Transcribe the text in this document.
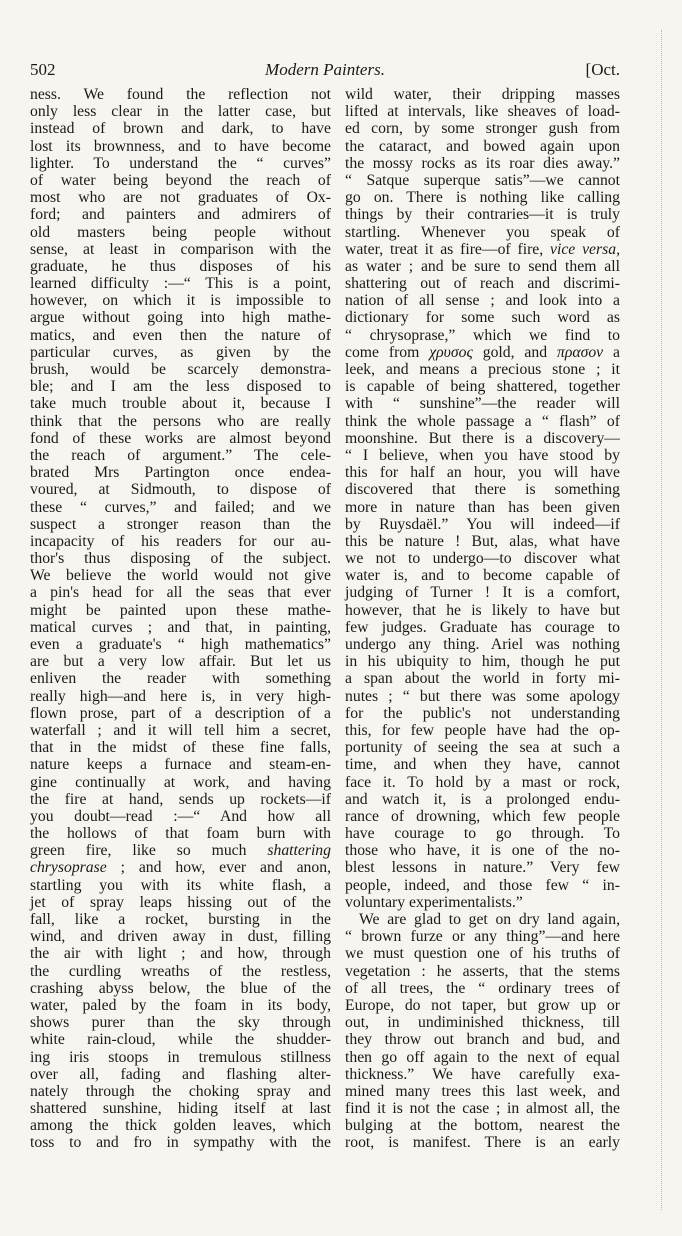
502	Modern Painters.	[Oct.
ness. We found the reflection not
only less clear in the latter case, but
instead of brown and dark, to have
lost its brownness, and to have become
lighter. To understand the “ curves”
of water being beyond the reach of
most who are not graduates of Ox-
ford; and painters and admirers of
old masters being people without
sense, at least in comparison with the
graduate, he thus disposes of his
learned difficulty :—“ This is a point,
however, on which it is impossible to
argue without going into high mathe-
matics, and even then the nature of
particular curves, as given by the
brush, would be scarcely demonstra-
ble; and I am the less disposed to
take much trouble about it, because I
think that the persons who are really
fond of these works are almost beyond
the reach of argument.” The cele-
brated Mrs Partington once endea-
voured, at Sidmouth, to dispose of
these “ curves,” and failed; and we
suspect a stronger reason than the
incapacity of his readers for our au-
thor's thus disposing of the subject.
We believe the world would not give
a pin's head for all the seas that ever
might be painted upon these mathe-
matical curves ; and that, in painting,
even a graduate's “ high mathematics”
are but a very low affair. But let us
enliven the reader with something
really high—and here is, in very high-
flown prose, part of a description of a
waterfall ; and it will tell him a secret,
that in the midst of these fine falls,
nature keeps a furnace and steam-en-
gine continually at work, and having
the fire at hand, sends up rockets—if
you doubt—read :—“ And how all
the hollows of that foam burn with
green fire, like so much shattering
chrysoprase ; and how, ever and anon,
startling you with its white flash, a
jet of spray leaps hissing out of the
fall, like a rocket, bursting in the
wind, and driven away in dust, filling
the air with light ; and how, through
the curdling wreaths of the restless,
crashing abyss below, the blue of the
water, paled by the foam in its body,
shows purer than the sky through
white rain-cloud, while the shudder-
ing iris stoops in tremulous stillness
over all, fading and flashing alter-
nately through the choking spray and
shattered sunshine, hiding itself at last
among the thick golden leaves, which
toss to and fro in sympathy with the
wild water, their dripping masses
lifted at intervals, like sheaves of load-
ed corn, by some stronger gush from
the cataract, and bowed again upon
the mossy rocks as its roar dies away.”
“ Satque superque satis”—we cannot
go on. There is nothing like calling
things by their contraries—it is truly
startling. Whenever you speak of
water, treat it as fire—of fire, vice versa,
as water ; and be sure to send them all
shattering out of reach and discrimi-
nation of all sense ; and look into a
dictionary for some such word as
“ chrysoprase,” which we find to
come from χρυσος gold, and πρασον a
leek, and means a precious stone ; it
is capable of being shattered, together
with “ sunshine”—the reader will
think the whole passage a “ flash” of
moonshine. But there is a discovery—
“ I believe, when you have stood by
this for half an hour, you will have
discovered that there is something
more in nature than has been given
by Ruysdaël.” You will indeed—if
this be nature ! But, alas, what have
we not to undergo—to discover what
water is, and to become capable of
judging of Turner ! It is a comfort,
however, that he is likely to have but
few judges. Graduate has courage to
undergo any thing. Ariel was nothing
in his ubiquity to him, though he put
a span about the world in forty mi-
nutes ; “ but there was some apology
for the public's not understanding
this, for few people have had the op-
portunity of seeing the sea at such a
time, and when they have, cannot
face it. To hold by a mast or rock,
and watch it, is a prolonged endu-
rance of drowning, which few people
have courage to go through. To
those who have, it is one of the no-
blest lessons in nature.” Very few
people, indeed, and those few “ in-
voluntary experimentalists.”
We are glad to get on dry land again,
“ brown furze or any thing”—and here
we must question one of his truths of
vegetation : he asserts, that the stems
of all trees, the “ ordinary trees of
Europe, do not taper, but grow up or
out, in undiminished thickness, till
they throw out branch and bud, and
then go off again to the next of equal
thickness.” We have carefully exa-
mined many trees this last week, and
find it is not the case ; in almost all, the
bulging at the bottom, nearest the
root, is manifest. There is an early
